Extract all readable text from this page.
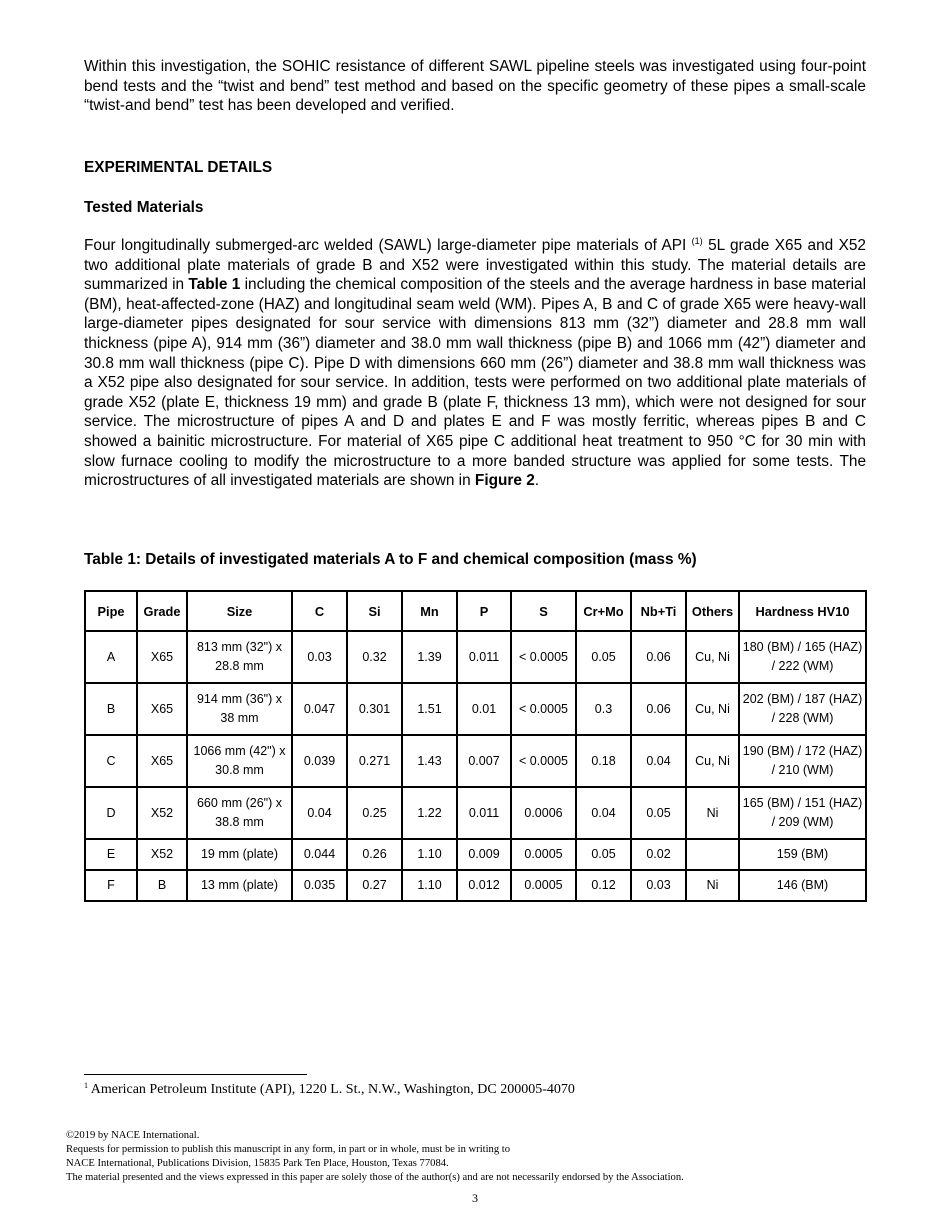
Within this investigation, the SOHIC resistance of different SAWL pipeline steels was investigated using four-point bend tests and the “twist and bend” test method and based on the specific geometry of these pipes a small-scale “twist-and bend” test has been developed and verified.

EXPERIMENTAL DETAILS
Tested Materials

Four longitudinally submerged-arc welded (SAWL) large-diameter pipe materials of API $^{(1)}$ 5L grade X65 and X52 two additional plate materials of grade B and X52 were investigated within this study. The material details are summarized in Table 1 including the chemical composition of the steels and the average hardness in base material (BM), heat-affected-zone (HAZ) and longitudinal seam weld (WM). Pipes A, B and C of grade X65 were heavy-wall large-diameter pipes designated for sour service with dimensions 813 mm (32”) diameter and 28.8 mm wall thickness (pipe A), 914 mm (36”) diameter and 38.0 mm wall thickness (pipe B) and 1066 mm (42”) diameter and 30.8 mm wall thickness (pipe C). Pipe D with dimensions 660 mm (26”) diameter and 38.8 mm wall thickness was a X52 pipe also designated for sour service. In addition, tests were performed on two additional plate materials of grade X52 (plate E, thickness 19 mm) and grade B (plate F, thickness 13 mm), which were not designed for sour service. The microstructure of pipes A and D and plates E and F was mostly ferritic, whereas pipes B and C showed a bainitic microstructure. For material of X65 pipe C additional heat treatment to 950 °C for 30 min with slow furnace cooling to modify the microstructure to a more banded structure was applied for some tests. The microstructures of all investigated materials are shown in Figure 2.

Table 1: Details of investigated materials A to F and chemical composition (mass %)
Pipe	Grade	Size	C	Si	Mn	P	S	Cr+Mo	Nb+Ti	Others	Hardness HV10
A	X65	813 mm (32") x 28.8 mm	0.03	0.32	1.39	0.011	< 0.0005	0.05	0.06	Cu, Ni	180 (BM) / 165 (HAZ) / 222 (WM)
B	X65	914 mm (36") x 38 mm	0.047	0.301	1.51	0.01	< 0.0005	0.3	0.06	Cu, Ni	202 (BM) / 187 (HAZ) / 228 (WM)
C	X65	1066 mm (42") x 30.8 mm	0.039	0.271	1.43	0.007	< 0.0005	0.18	0.04	Cu, Ni	190 (BM) / 172 (HAZ) / 210 (WM)
D	X52	660 mm (26") x 38.8 mm	0.04	0.25	1.22	0.011	0.0006	0.04	0.05	Ni	165 (BM) / 151 (HAZ) / 209 (WM)
E	X52	19 mm (plate)	0.044	0.26	1.10	0.009	0.0005	0.05	0.02		159 (BM)
F	B	13 mm (plate)	0.035	0.27	1.10	0.012	0.0005	0.12	0.03	Ni	146 (BM)
$^1$ American Petroleum Institute (API), 1220 L. St., N.W., Washington, DC 200005-4070
©2019 by NACE International.
Requests for permission to publish this manuscript in any form, in part or in whole, must be in writing to
NACE International, Publications Division, 15835 Park Ten Place, Houston, Texas 77084.
The material presented and the views expressed in this paper are solely those of the author(s) and are not necessarily endorsed by the Association.
3
